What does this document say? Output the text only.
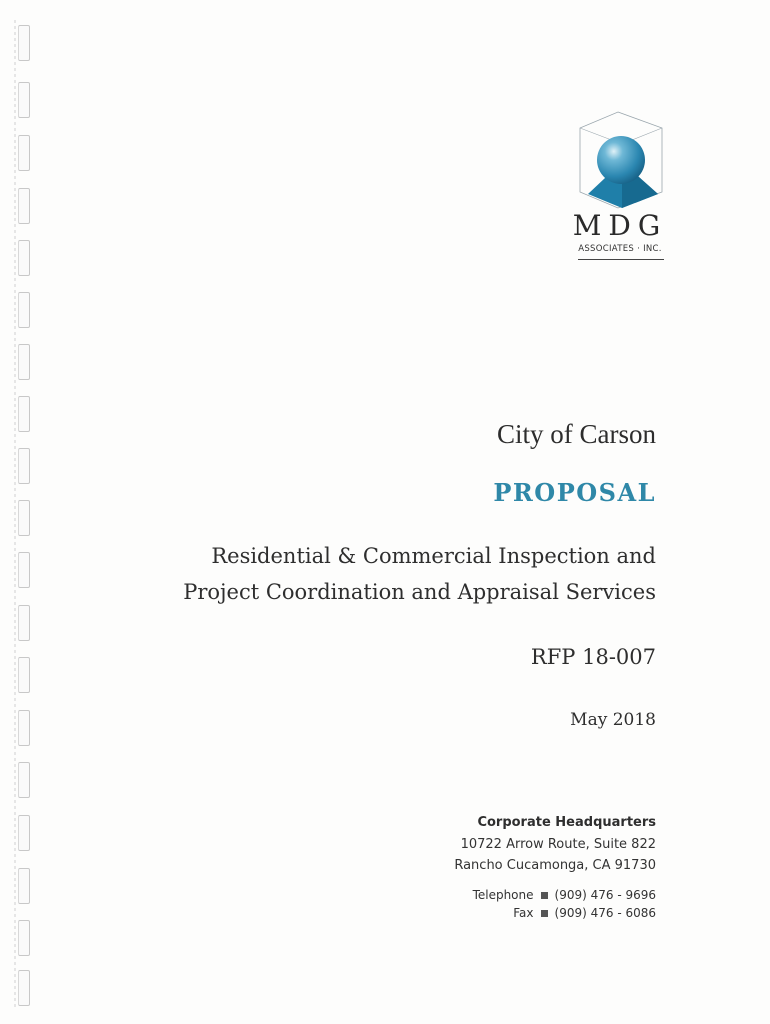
MDG
ASSOCIATES · INC.
City of Carson
PROPOSAL
Residential & Commercial Inspection and
Project Coordination and Appraisal Services
RFP 18-007
May 2018
Corporate Headquarters
10722 Arrow Route, Suite 822
Rancho Cucamonga, CA 91730
Telephone (909) 476 - 9696
Fax (909) 476 - 6086
